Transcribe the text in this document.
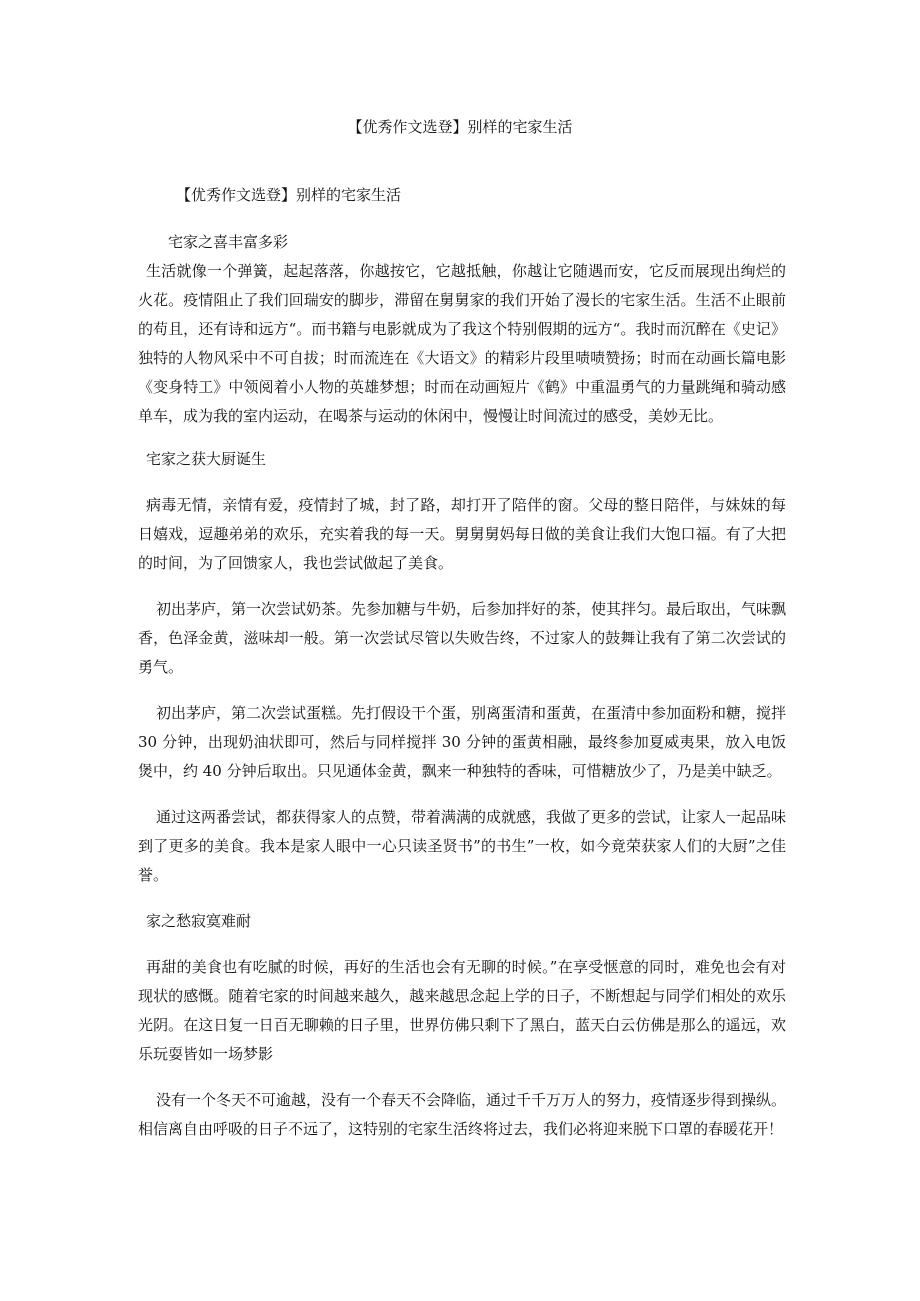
【优秀作文选登】别样的宅家生活
【优秀作文选登】别样的宅家生活
宅家之喜丰富多彩

生活就像一个弹簧，起起落落，你越按它，它越抵触，你越让它随遇而安，它反而展现出绚烂的火花。疫情阻止了我们回瑞安的脚步，滞留在舅舅家的我们开始了漫长的宅家生活。生活不止眼前的苟且，还有诗和远方“。而书籍与电影就成为了我这个特别假期的远方“。我时而沉醉在《史记》独特的人物风采中不可自拔；时而流连在《大语文》的精彩片段里啧啧赞扬；时而在动画长篇电影《变身特工》中领阅着小人物的英雄梦想；时而在动画短片《鹤》中重温勇气的力量跳绳和骑动感单车，成为我的室内运动，在喝茶与运动的休闲中，慢慢让时间流过的感受，美妙无比。

宅家之获大厨诞生

病毒无情，亲情有爱，疫情封了城，封了路，却打开了陪伴的窗。父母的整日陪伴，与妹妹的每日嬉戏，逗趣弟弟的欢乐，充实着我的每一天。舅舅舅妈每日做的美食让我们大饱口福。有了大把的时间，为了回馈家人，我也尝试做起了美食。

初出茅庐，第一次尝试奶茶。先参加糖与牛奶，后参加拌好的茶，使其拌匀。最后取出，气味飘香，色泽金黄，滋味却一般。第一次尝试尽管以失败告终，不过家人的鼓舞让我有了第二次尝试的勇气。

初出茅庐，第二次尝试蛋糕。先打假设干个蛋，别离蛋清和蛋黄，在蛋清中参加面粉和糖，搅拌 30 分钟，出现奶油状即可，然后与同样搅拌 30 分钟的蛋黄相融，最终参加夏威夷果，放入电饭煲中，约 40 分钟后取出。只见通体金黄，飘来一种独特的香味，可惜糖放少了，乃是美中缺乏。

通过这两番尝试，都获得家人的点赞，带着满满的成就感，我做了更多的尝试，让家人一起品味到了更多的美食。我本是家人眼中一心只读圣贤书”的书生”一枚，如今竟荣获家人们的大厨”之佳誉。

家之愁寂寞难耐

再甜的美食也有吃腻的时候，再好的生活也会有无聊的时候。”在享受惬意的同时，难免也会有对现状的感慨。随着宅家的时间越来越久，越来越思念起上学的日子，不断想起与同学们相处的欢乐光阴。在这日复一日百无聊赖的日子里，世界仿佛只剩下了黑白，蓝天白云仿佛是那么的遥远，欢乐玩耍皆如一场梦影

没有一个冬天不可逾越，没有一个春天不会降临，通过千千万万人的努力，疫情逐步得到操纵。相信离自由呼吸的日子不远了，这特别的宅家生活终将过去，我们必将迎来脱下口罩的春暖花开！
